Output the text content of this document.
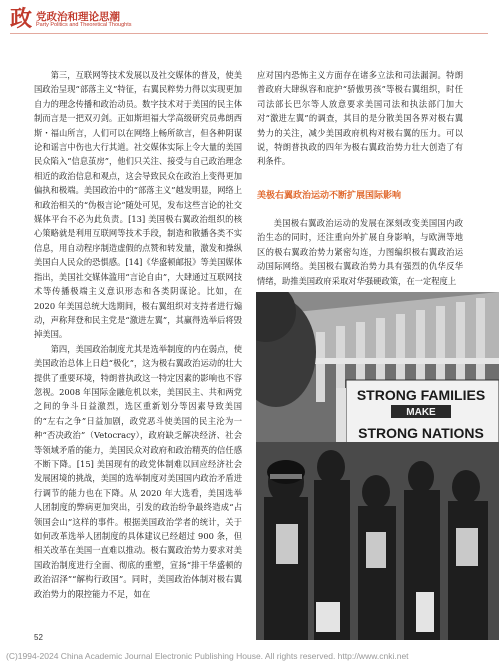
政 党政治和理论思潮
Party Politics and Theoretical Thoughts

第三，互联网等技术发展以及社交媒体的普及，使美国政治呈现“部落主义”特征，右翼民粹势力得以实现更加自力的理念传播和政治动员。数字技术对于美国的民主体制而言是一把双刃剑。正如斯坦福大学高级研究员弗朗西斯・福山所言，人们可以在网络上畅所欲言，但各种阴谋论和谣言中伤也大行其道。社交媒体实际上令大量的美国民众陷入“信息茧房”，他们只关注、接受与自己政治理念相近的政治信息和观点，这会导致民众在政治上变得更加偏执和极端。美国政治中的“部落主义”越发明显，网络上和政治相关的“伪极言论”随处可见，发布这些言论的社交媒体平台不必为此负责。[13] 美国极右翼政治组织的核心策略就是利用互联网等技术手段，制造和散播各类不实信息，用自动程序制造虚假的点赞和转发量，激发和操纵美国白人民众的恐惧感。[14]《华盛顿邮报》等美国媒体指出，美国社交媒体滥用“言论自由”，大肆通过互联网技术等传播极端主义意识形态和各类阴谋论。比如，在 2020 年美国总统大选期间，极右翼组织对支持者进行煽动，声称拜登和民主党是“激进左翼”，其赢得选举后将毁掉美国。

第四，美国政治制度尤其是选举制度的内在弱点，使美国政治总体上日趋“极化”，这为极右翼政治运动的壮大提供了重要环境，特朗普执政这一特定因素的影响也不容忽视。2008 年国际金融危机以来，美国民主、共和两党之间的争斗日益激烈，选区重新划分等因素导致美国的“左右之争”日益加剧，政党恶斗使美国的民主沦为一种“否决政治”（Vetocracy），政府缺乏解决经济、社会等领域矛盾的能力，美国民众对政府和政治精英的信任感不断下降。[15] 美国现有的政党体制难以回应经济社会发展困境的挑战，美国的选举制度对美国国内政治矛盾进行调节的能力也在下降。从 2020 年大选看，美国选举人团制度的弊病更加突出，引发的政治纷争最终造成“占领国会山”这样的事件。根据美国政治学者的统计，关于如何改革选举人团制度的具体建议已经超过 900 条，但相关改革在美国一直难以推动。极右翼政治势力要求对美国政治制度进行全面、彻底的重塑，宣扬“排干华盛顿的政治沼泽”“解构行政国”。同时，美国政治体制对极右翼政治势力的限控能力不足，如在

应对国内恐怖主义方面存在诸多立法和司法漏洞。特朗普政府大肆纵容和庇护“骄傲男孩”等极右翼组织，时任司法部长巴尔等人放意要求美国司法和执法部门加大对“激进左翼”的调查，其目的是分散美国各界对极右翼势力的关注，减少美国政府机构对极右翼的压力。可以说，特朗普执政的四年为极右翼政治势力壮大创造了有利条件。

美极右翼政治运动不断扩展国际影响

美国极右翼政治运动的发展在深刻改变美国国内政治生态的同时，还注重向外扩展自身影响，与欧洲等地区的极右翼政治势力紧密勾连，力图编织极右翼政治运动国际网络。美国极右翼政治势力具有强烈的仇华反华情绪，助推美国政府采取对华强硬政策，在一定程度上

STRONG FAMILIES
MAKE
STRONG NATIONS
52
(C)1994-2024 China Academic Journal Electronic Publishing House. All rights reserved. http://www.cnki.net
